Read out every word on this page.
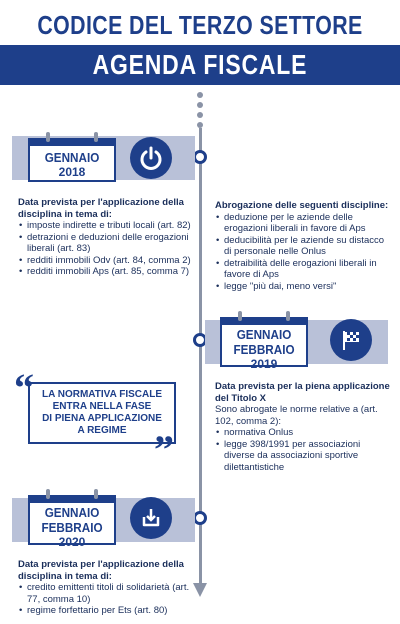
CODICE DEL TERZO SETTORE
AGENDA FISCALE
GENNAIO
2018
Data prevista per l'applicazione della disciplina in tema di:
• imposte indirette e tributi locali (art. 82)
• detrazioni e deduzioni delle erogazioni liberali (art. 83)
• redditi immobili Odv (art. 84, comma 2)
• redditi immobili Aps (art. 85, comma 7)
Abrogazione delle seguenti discipline:
• deduzione per le aziende delle erogazioni liberali in favore di Aps
• deducibilità per le aziende su distacco di personale nelle Onlus
• detraibilità delle erogazioni liberali in favore di Aps
• legge "più dai, meno versi"
GENNAIO
FEBBRAIO
2019
Data prevista per la piena applicazione del Titolo X
Sono abrogate le norme relative a (art. 102, comma 2):
• normativa Onlus
• legge 398/1991 per associazioni diverse da associazioni sportive dilettantistiche
“ LA NORMATIVA FISCALE
ENTRA NELLA FASE
DI PIENA APPLICAZIONE
A REGIME ”
GENNAIO
FEBBRAIO
2020
Data prevista per l'applicazione della disciplina in tema di:
• credito emittenti titoli di solidarietà (art. 77, comma 10)
• regime forfettario per Ets (art. 80)
